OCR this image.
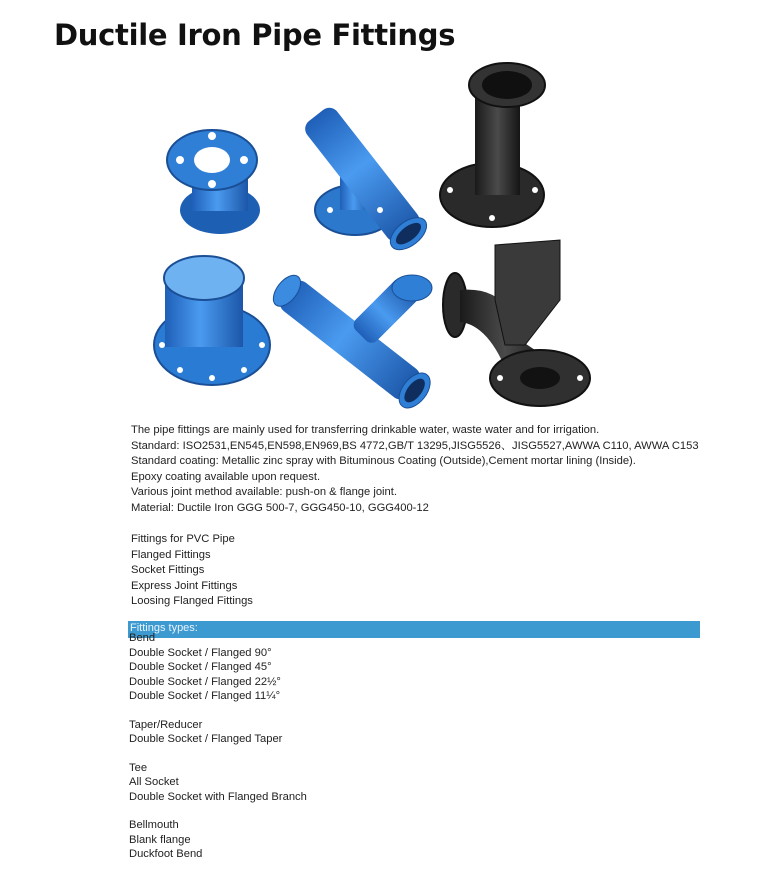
Ductile Iron Pipe Fittings
The pipe fittings are mainly used for transferring drinkable water, waste water and for irrigation.
Standard: ISO2531,EN545,EN598,EN969,BS 4772,GB/T 13295,JISG5526、JISG5527,AWWA C110, AWWA C153
Standard coating: Metallic zinc spray with Bituminous Coating (Outside),Cement mortar lining (Inside).
Epoxy coating available upon request.
Various joint method available: push-on & flange joint.
Material: Ductile Iron GGG 500-7, GGG450-10, GGG400-12
Fittings for PVC Pipe
Flanged Fittings
Socket Fittings
Express Joint Fittings
Loosing Flanged Fittings
Fittings types:
Bend
Double Socket / Flanged 90°
Double Socket / Flanged 45°
Double Socket / Flanged 22½°
Double Socket / Flanged 11¼°
Taper/Reducer
Double Socket / Flanged Taper
Tee
All Socket
Double Socket with Flanged Branch
Bellmouth
Blank flange
Duckfoot Bend
